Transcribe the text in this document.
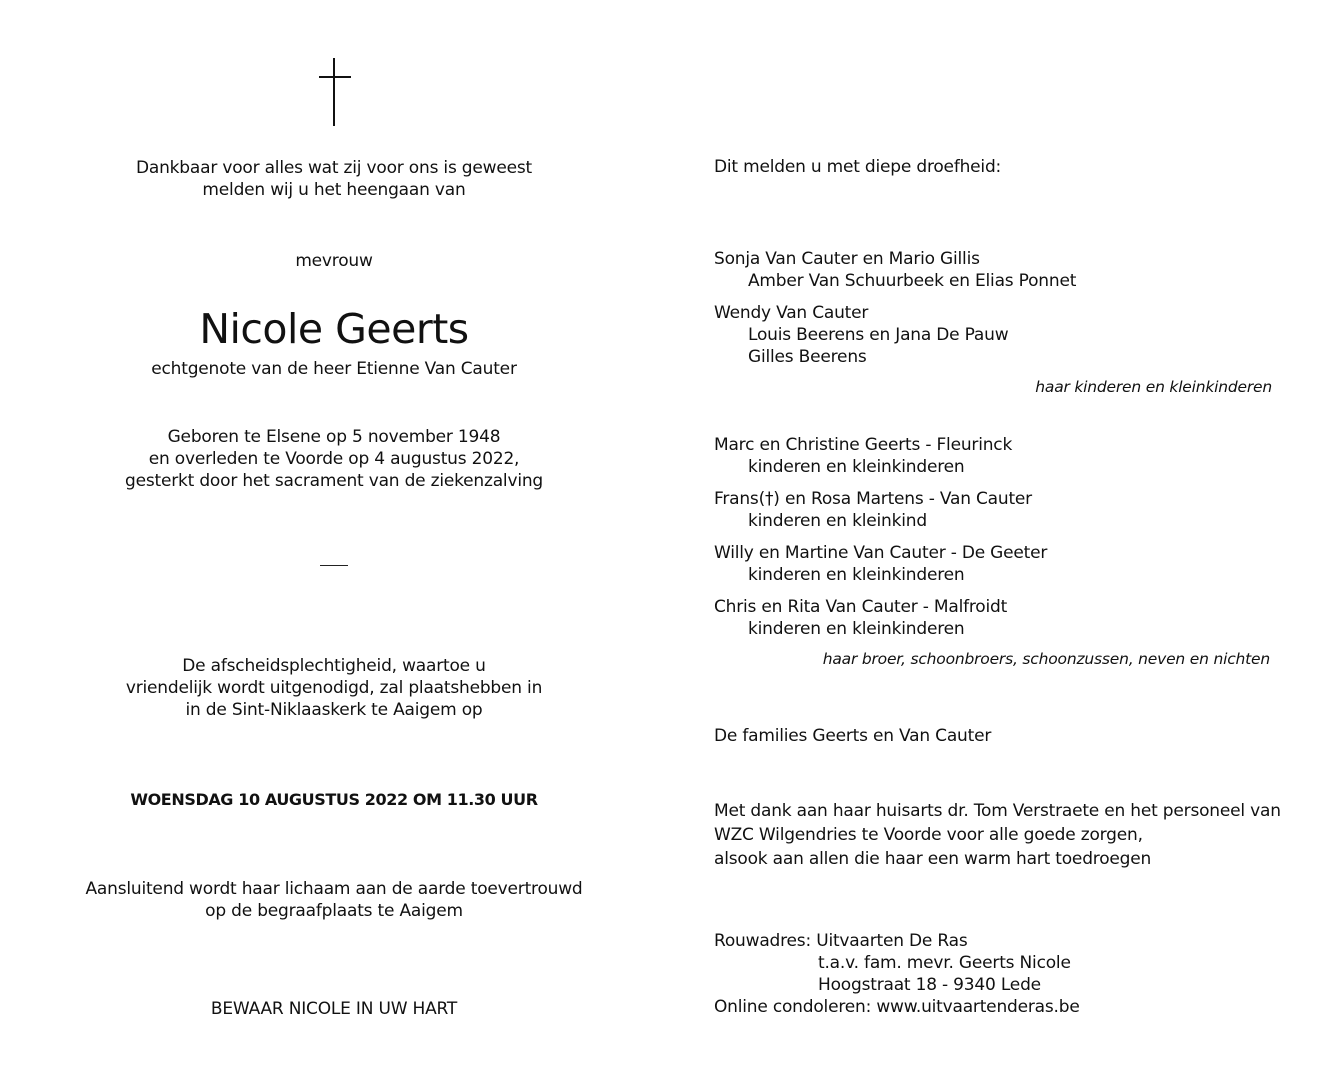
Dankbaar voor alles wat zij voor ons is geweest
melden wij u het heengaan van
mevrouw
Nicole Geerts
echtgenote van de heer Etienne Van Cauter
Geboren te Elsene op 5 november 1948
en overleden te Voorde op 4 augustus 2022,
gesterkt door het sacrament van de ziekenzalving
De afscheidsplechtigheid, waartoe u
vriendelijk wordt uitgenodigd, zal plaatshebben in
in de Sint-Niklaaskerk te Aaigem op
WOENSDAG 10 AUGUSTUS 2022 OM 11.30 UUR
Aansluitend wordt haar lichaam aan de aarde toevertrouwd
op de begraafplaats te Aaigem
BEWAAR NICOLE IN UW HART
Dit melden u met diepe droefheid:
Sonja Van Cauter en Mario Gillis
Amber Van Schuurbeek en Elias Ponnet
Wendy Van Cauter
Louis Beerens en Jana De Pauw
Gilles Beerens
haar kinderen en kleinkinderen
Marc en Christine Geerts - Fleurinck
kinderen en kleinkinderen
Frans(†) en Rosa Martens - Van Cauter
kinderen en kleinkind
Willy en Martine Van Cauter - De Geeter
kinderen en kleinkinderen
Chris en Rita Van Cauter - Malfroidt
kinderen en kleinkinderen
haar broer, schoonbroers, schoonzussen, neven en nichten
De families Geerts en Van Cauter
Met dank aan haar huisarts dr. Tom Verstraete en het personeel van
WZC Wilgendries te Voorde voor alle goede zorgen,
alsook aan allen die haar een warm hart toedroegen
Rouwadres: Uitvaarten De Ras
t.a.v. fam. mevr. Geerts Nicole
Hoogstraat 18 - 9340 Lede
Online condoleren: www.uitvaartenderas.be
